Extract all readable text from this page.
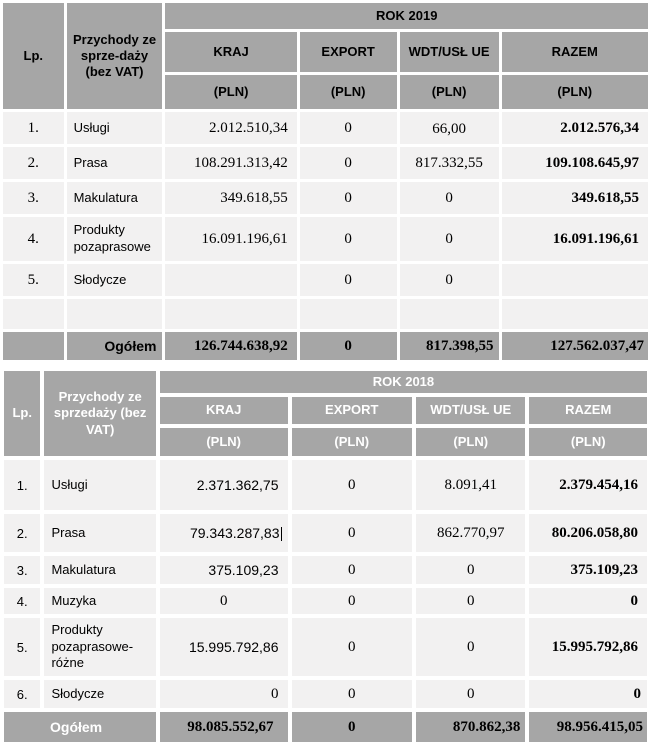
Lp.	Przychody ze sprze-daży (bez VAT)	ROK 2019			
		KRAJ	EXPORT	WDT/USŁ UE	RAZEM
		(PLN)	(PLN)	(PLN)	(PLN)
1.	Usługi	2.012.510,34	0	66,00	2.012.576,34
2.	Prasa	108.291.313,42	0	817.332,55	109.108.645,97
3.	Makulatura	349.618,55	0	0	349.618,55
4.	Produkty pozaprasowe	16.091.196,61	0	0	16.091.196,61
5.	Słodycze		0	0	

	Ogółem	126.744.638,92	0	817.398,55	127.562.037,47
Lp.	Przychody ze sprzedaży (bez VAT)	ROK 2018			
		KRAJ	EXPORT	WDT/USŁ UE	RAZEM
		(PLN)	(PLN)	(PLN)	(PLN)
1.	Usługi	2.371.362,75	0	8.091,41	2.379.454,16
2.	Prasa	79.343.287,83	0	862.770,97	80.206.058,80
3.	Makulatura	375.109,23	0	0	375.109,23
4.	Muzyka	0	0	0	0
5.	Produkty pozaprasowe-różne	15.995.792,86	0	0	15.995.792,86
6.	Słodycze	0	0	0	0
Ogółem		98.085.552,67	0	870.862,38	98.956.415,05
